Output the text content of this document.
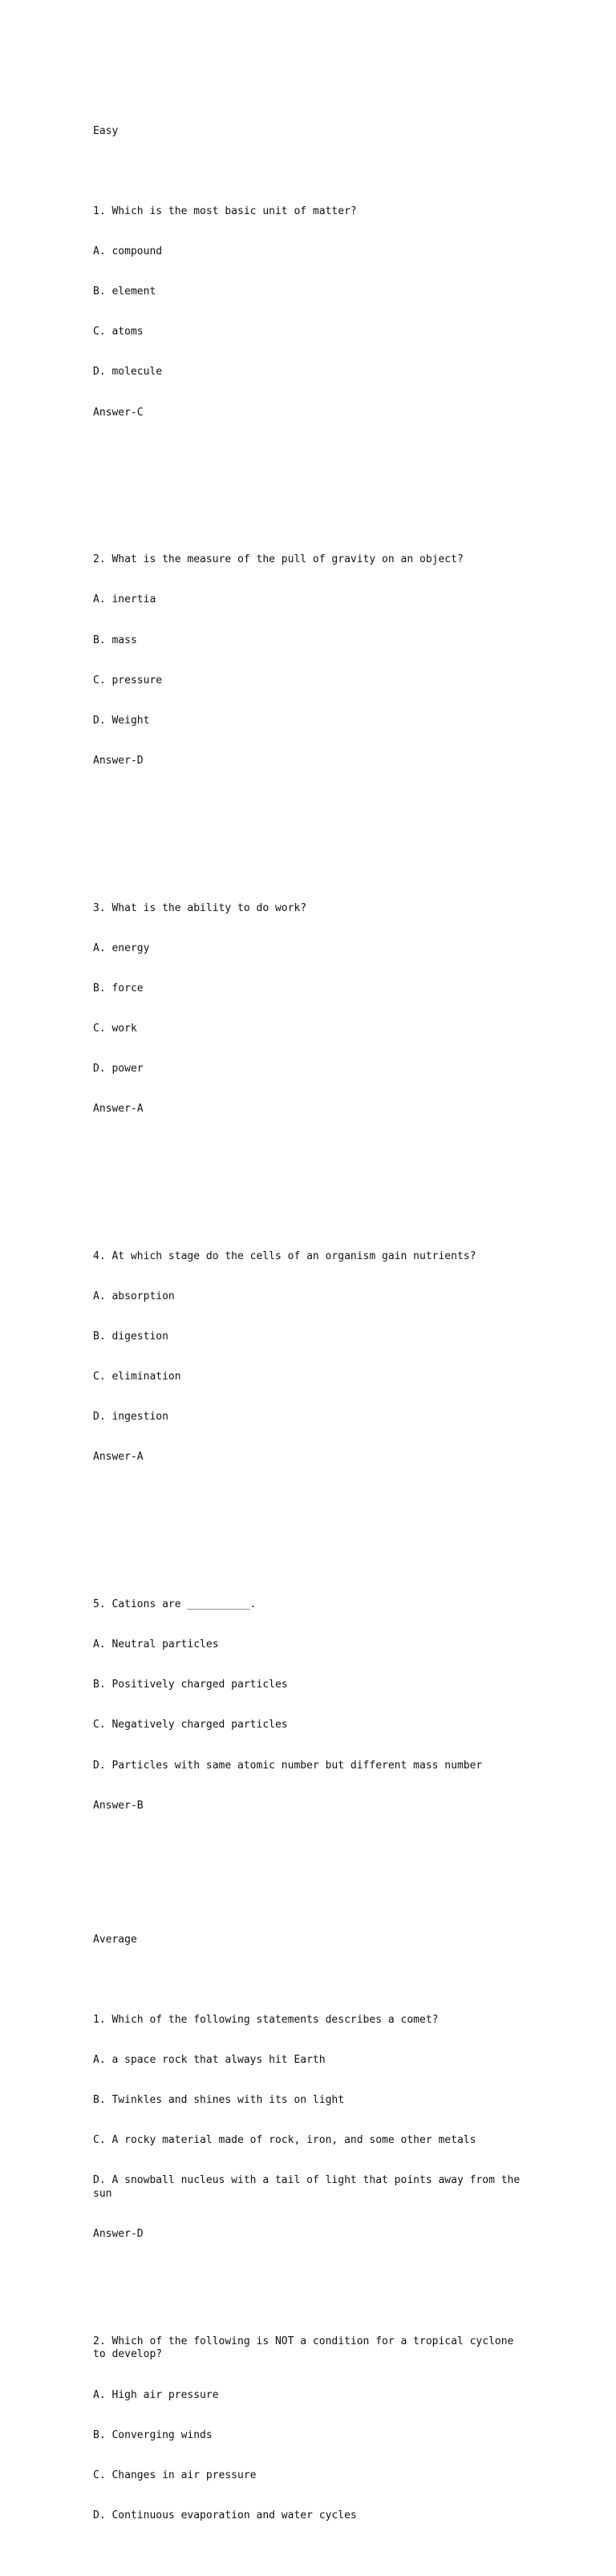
Easy

1. Which is the most basic unit of matter?

A. compound

B. element

C. atoms

D. molecule

Answer-C

2. What is the measure of the pull of gravity on an object?

A. inertia

B. mass

C. pressure

D. Weight

Answer-D

3. What is the ability to do work?

A. energy

B. force

C. work

D. power

Answer-A

4. At which stage do the cells of an organism gain nutrients?

A. absorption

B. digestion

C. elimination

D. ingestion

Answer-A

5. Cations are __________.

A. Neutral particles

B. Positively charged particles

C. Negatively charged particles

D. Particles with same atomic number but different mass number

Answer-B

Average

1. Which of the following statements describes a comet?

A. a space rock that always hit Earth

B. Twinkles and shines with its on light

C. A rocky material made of rock, iron, and some other metals

D. A snowball nucleus with a tail of light that points away from the sun

Answer-D

2. Which of the following is NOT a condition for a tropical cyclone to develop?

A. High air pressure

B. Converging winds

C. Changes in air pressure

D. Continuous evaporation and water cycles
